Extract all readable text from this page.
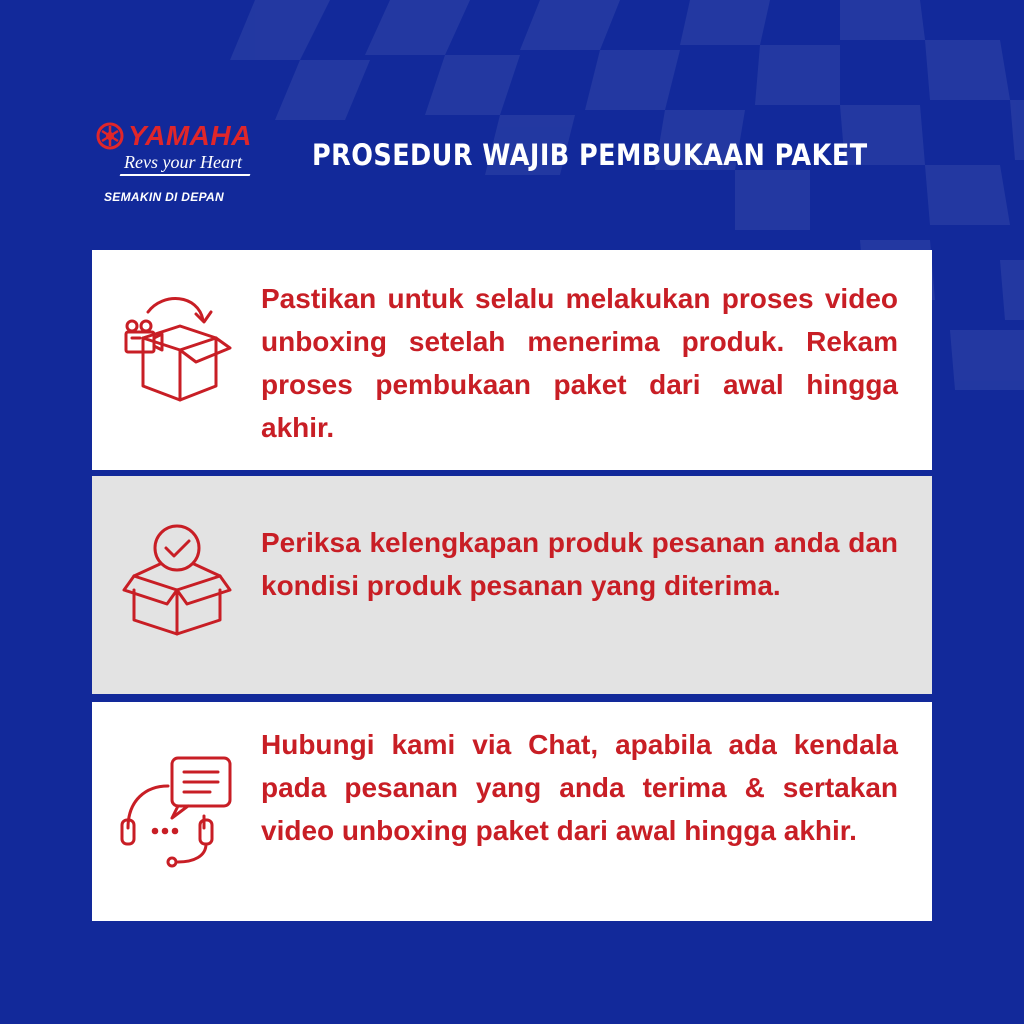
YAMAHA
Revs your Heart
SEMAKIN DI DEPAN
PROSEDUR WAJIB PEMBUKAAN PAKET
Pastikan untuk selalu melakukan proses video unboxing setelah menerima produk. Rekam proses pembukaan paket dari awal hingga akhir.
Periksa kelengkapan produk pesanan anda dan kondisi produk pesanan yang diterima.
Hubungi kami via Chat, apabila ada kendala pada pesanan yang anda terima & sertakan video unboxing paket dari awal hingga akhir.
